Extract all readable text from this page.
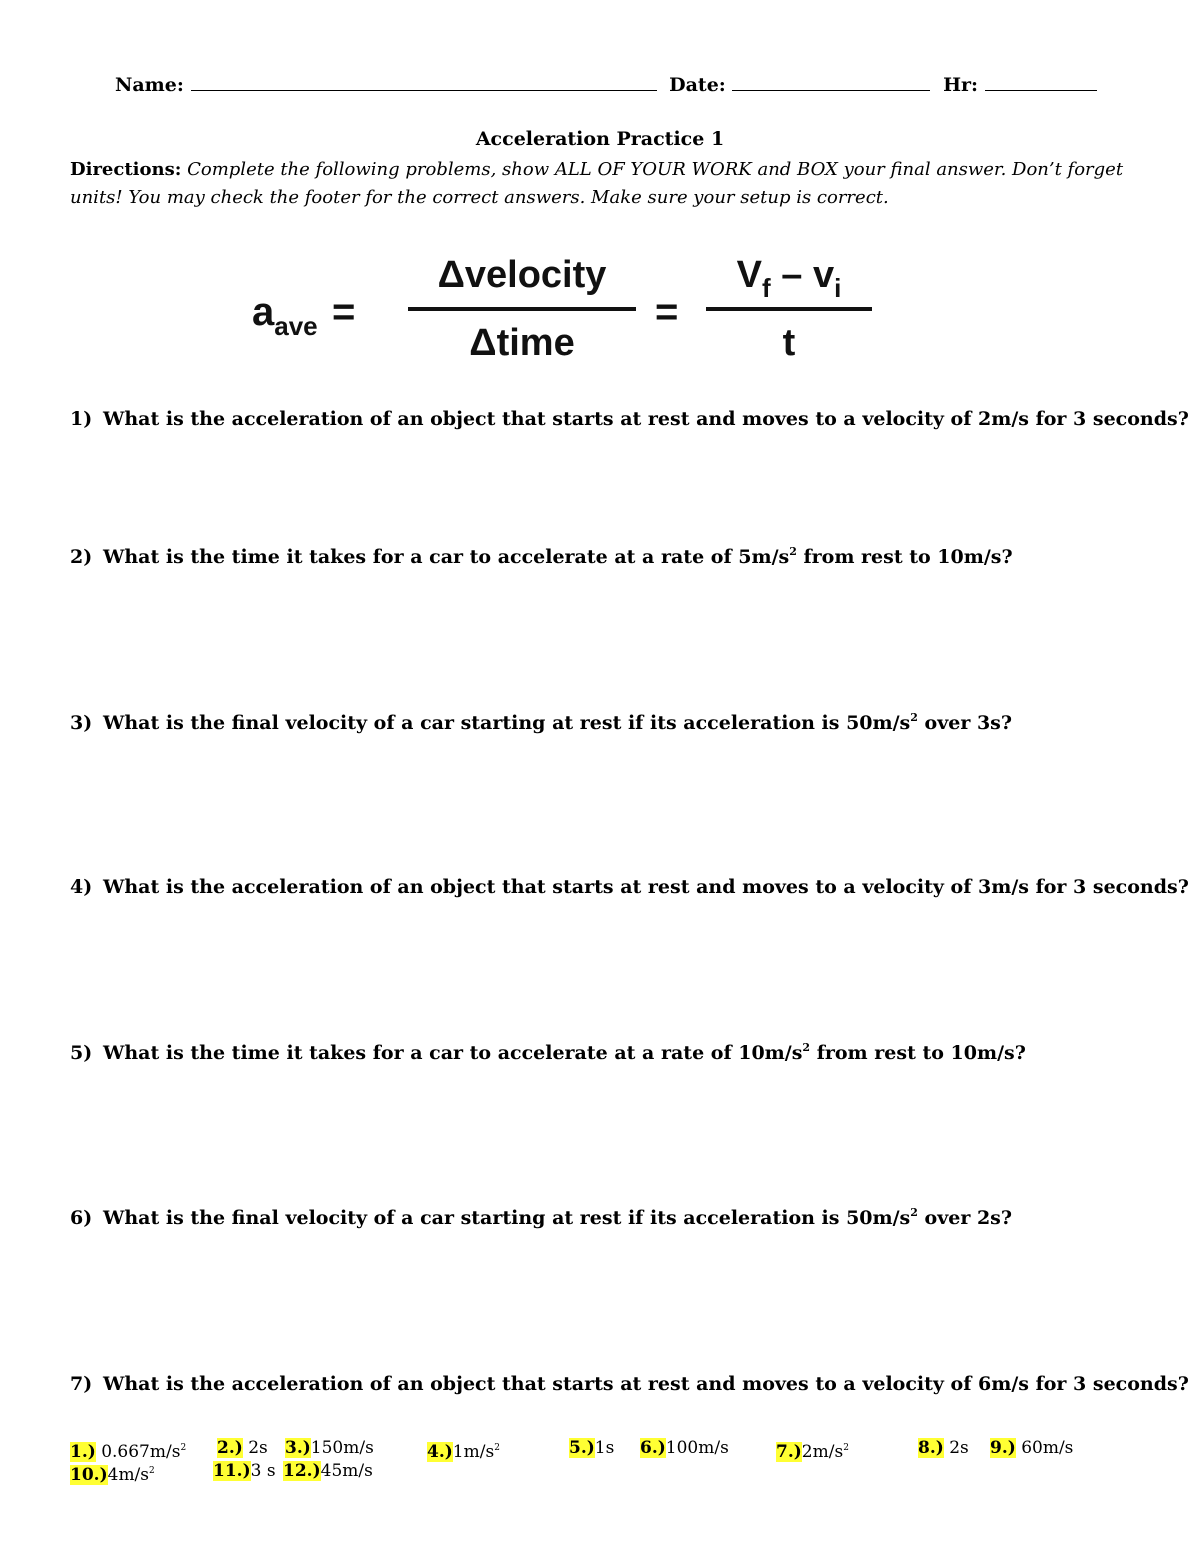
Name:	Date:	Hr:
Acceleration Practice 1
Directions: Complete the following problems, show ALL OF YOUR WORK and BOX your final answer. Don’t forget units! You may check the footer for the correct answers. Make sure your setup is correct.
$a_{ave}$ =
Δvelocity
Δtime
=
$V_f - v_i$
t
1) What is the acceleration of an object that starts at rest and moves to a velocity of 2m/s for 3 seconds?
2) What is the time it takes for a car to accelerate at a rate of $5m/s^2$ from rest to 10m/s?
3) What is the final velocity of a car starting at rest if its acceleration is $50m/s^2$ over 3s?
4) What is the acceleration of an object that starts at rest and moves to a velocity of 3m/s for 3 seconds?
5) What is the time it takes for a car to accelerate at a rate of $10m/s^2$ from rest to 10m/s?
6) What is the final velocity of a car starting at rest if its acceleration is $50m/s^2$ over 2s?
7) What is the acceleration of an object that starts at rest and moves to a velocity of 6m/s for 3 seconds?
1.) $0.667m/s^2$ 2.) 2s 3.)150m/s	$4.)1m/s^2$	5.)1s 6.)100m/s	$7.)2m/s^2$	8.) 2s 9.) 60m/s
$10.)4m/s^2$	11.)3 s 12.)45m/s
